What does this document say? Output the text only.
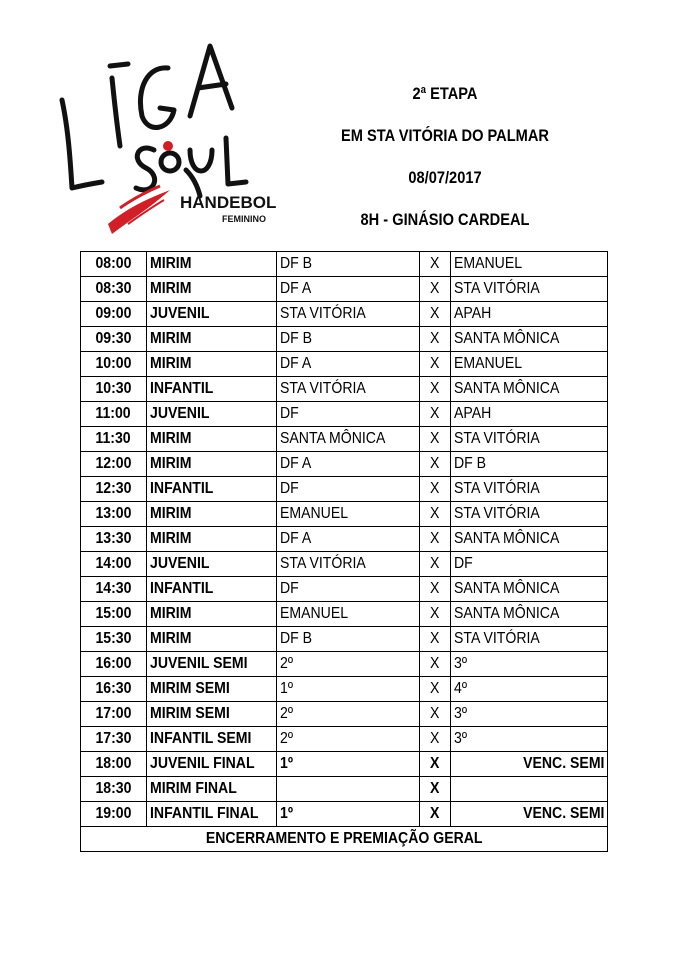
HANDEBOL
FEMININO
2ª ETAPA
EM STA VITÓRIA DO PALMAR
08/07/2017
8H - GINÁSIO CARDEAL
08:00	MIRIM	DF B	X	EMANUEL
08:30	MIRIM	DF A	X	STA VITÓRIA
09:00	JUVENIL	STA VITÓRIA	X	APAH
09:30	MIRIM	DF B	X	SANTA MÔNICA
10:00	MIRIM	DF A	X	EMANUEL
10:30	INFANTIL	STA VITÓRIA	X	SANTA MÔNICA
11:00	JUVENIL	DF	X	APAH
11:30	MIRIM	SANTA MÔNICA	X	STA VITÓRIA
12:00	MIRIM	DF A	X	DF B
12:30	INFANTIL	DF	X	STA VITÓRIA
13:00	MIRIM	EMANUEL	X	STA VITÓRIA
13:30	MIRIM	DF A	X	SANTA MÔNICA
14:00	JUVENIL	STA VITÓRIA	X	DF
14:30	INFANTIL	DF	X	SANTA MÔNICA
15:00	MIRIM	EMANUEL	X	SANTA MÔNICA
15:30	MIRIM	DF B	X	STA VITÓRIA
16:00	JUVENIL SEMI	2º	X	3º
16:30	MIRIM SEMI	1º	X	4º
17:00	MIRIM SEMI	2º	X	3º
17:30	INFANTIL SEMI	2º	X	3º
18:00	JUVENIL FINAL	1º	X	VENC. SEMI
18:30	MIRIM FINAL		X	
19:00	INFANTIL FINAL	1º	X	VENC. SEMI
ENCERRAMENTO E PREMIAÇÃO GERAL				
